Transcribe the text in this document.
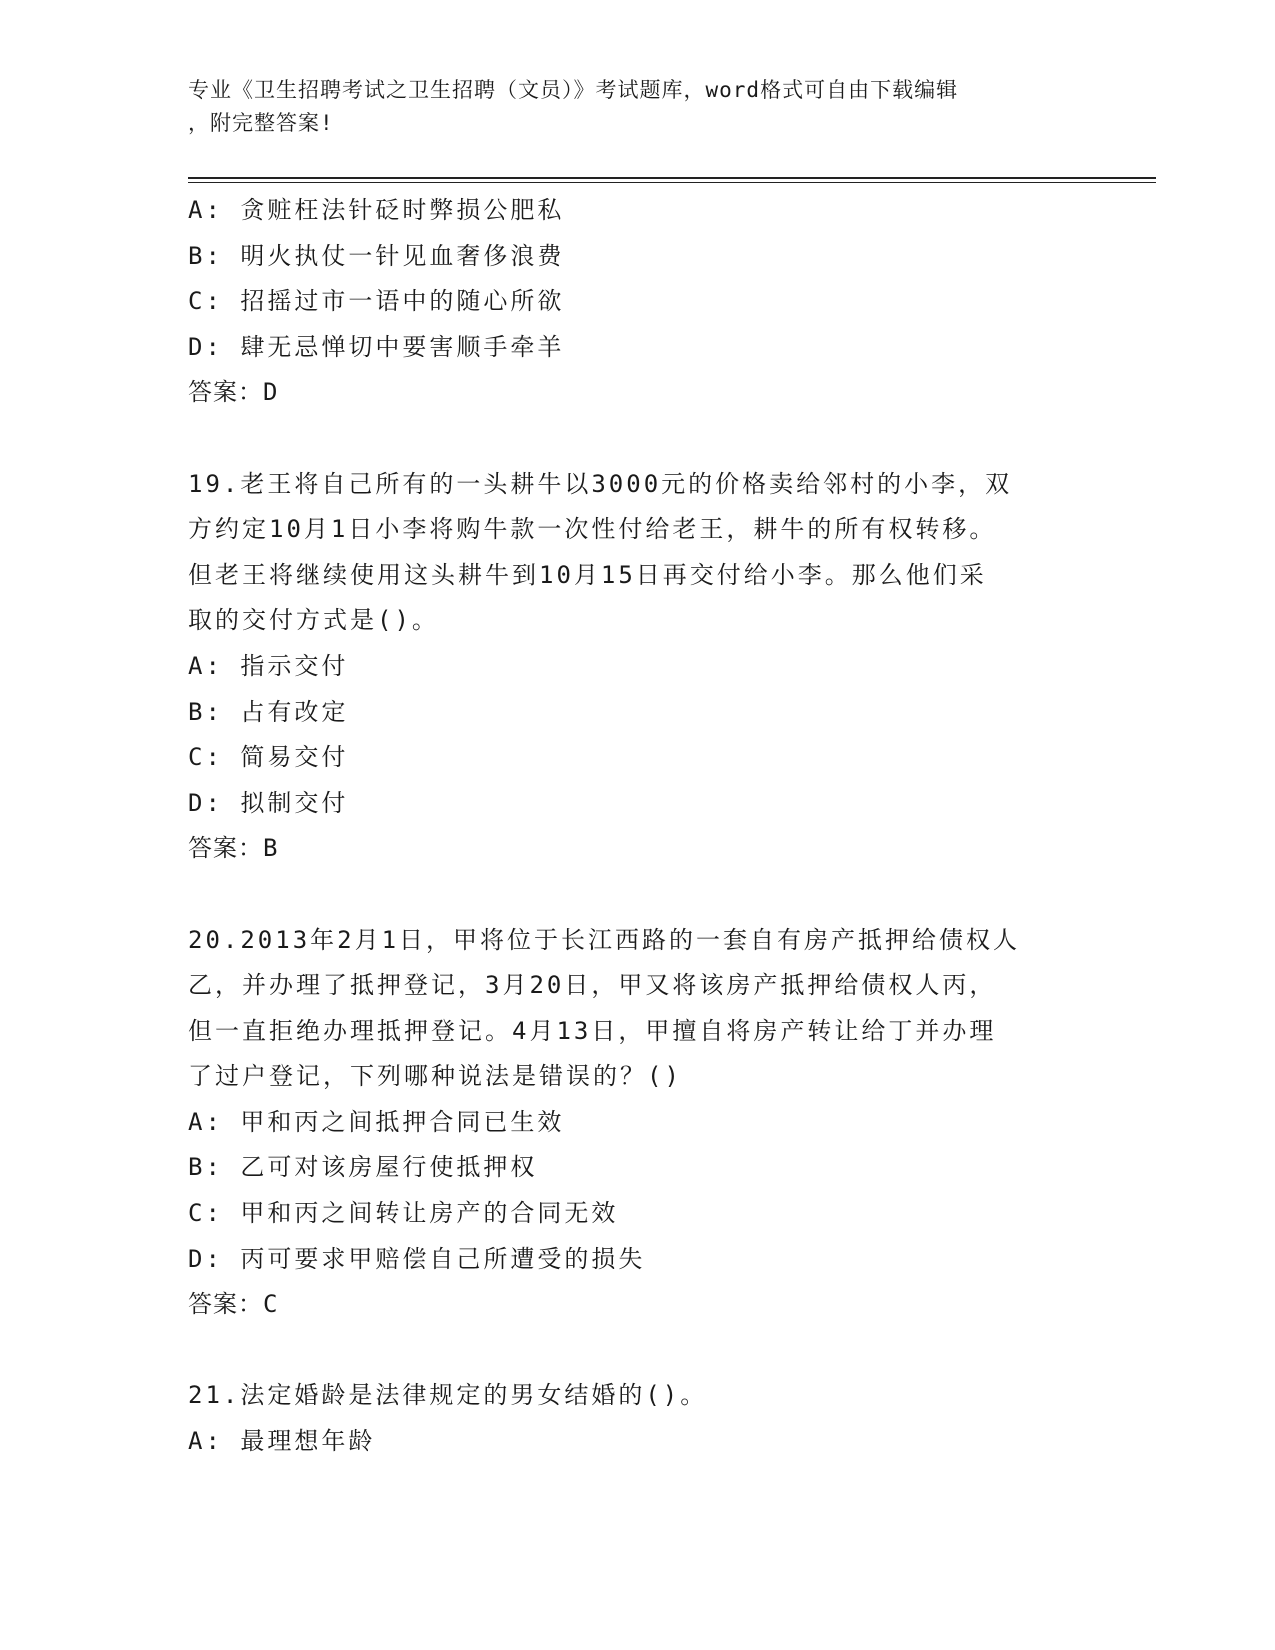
专业《卫生招聘考试之卫生招聘（文员）》考试题库，word格式可自由下载编辑
，附完整答案!
A: 贪赃枉法针砭时弊损公肥私
B: 明火执仗一针见血奢侈浪费
C: 招摇过市一语中的随心所欲
D: 肆无忌惮切中要害顺手牵羊
答案：D
19.老王将自己所有的一头耕牛以3000元的价格卖给邻村的小李，双
方约定10月1日小李将购牛款一次性付给老王，耕牛的所有权转移。
但老王将继续使用这头耕牛到10月15日再交付给小李。那么他们采
取的交付方式是()。
A: 指示交付
B: 占有改定
C: 简易交付
D: 拟制交付
答案：B
20.2013年2月1日，甲将位于长江西路的一套自有房产抵押给债权人
乙，并办理了抵押登记，3月20日，甲又将该房产抵押给债权人丙，
但一直拒绝办理抵押登记。4月13日，甲擅自将房产转让给丁并办理
了过户登记，下列哪种说法是错误的？()
A: 甲和丙之间抵押合同已生效
B: 乙可对该房屋行使抵押权
C: 甲和丙之间转让房产的合同无效
D: 丙可要求甲赔偿自己所遭受的损失
答案：C
21.法定婚龄是法律规定的男女结婚的()。
A: 最理想年龄
